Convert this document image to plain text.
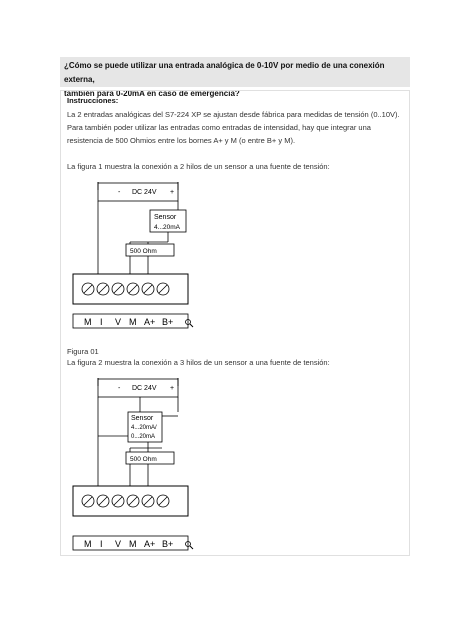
¿Cómo se puede utilizar una entrada analógica de 0-10V por medio de una conexión externa,
también para 0-20mA en caso de emergencia?
Instrucciones:
La 2 entradas analógicas del S7-224 XP se ajustan desde fábrica para medidas de tensión (0..10V). Para también poder utilizar las entradas como entradas de intensidad, hay que integrar una resistencia de 500 Ohmios entre los bornes A+ y M (o entre B+ y M).
La figura 1 muestra la conexión a 2 hilos de un sensor a una fuente de tensión:
- DC 24V +
Sensor
4...20mA
500 Ohm
M I V M A+ B+
Figura 01
La figura 2 muestra la conexión a 3 hilos de un sensor a una fuente de tensión:
- DC 24V +
Sensor
4...20mA/
0...20mA
500 Ohm
M I V M A+ B+
